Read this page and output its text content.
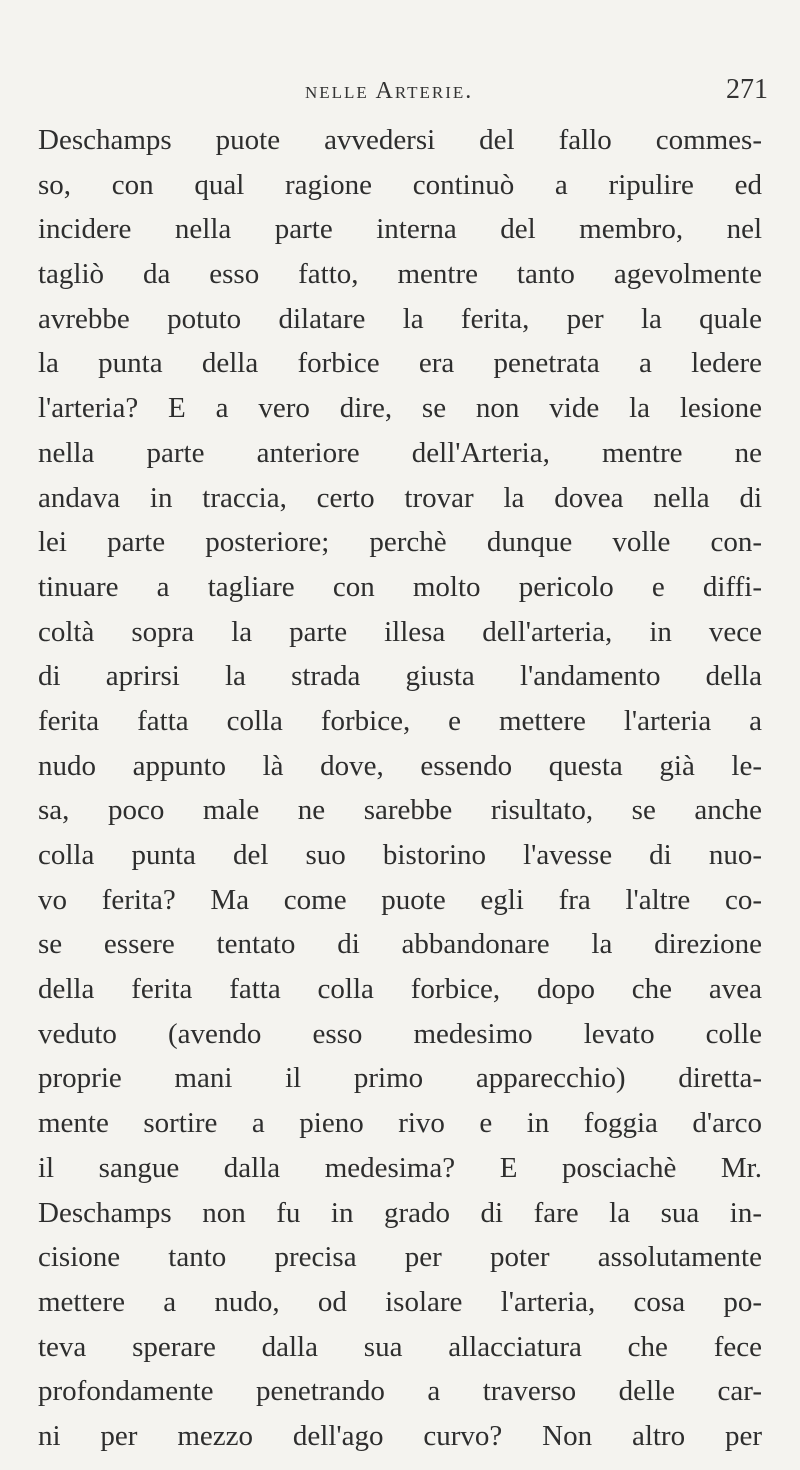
nelle Arterie.	271
Deschamps puote avvedersi del fallo commes-
so, con qual ragione continuò a ripulire ed
incidere nella parte interna del membro, nel
tagliò da esso fatto, mentre tanto agevolmente
avrebbe potuto dilatare la ferita, per la quale
la punta della forbice era penetrata a ledere
l'arteria? E a vero dire, se non vide la lesione
nella parte anteriore dell'Arteria, mentre ne
andava in traccia, certo trovar la dovea nella di
lei parte posteriore; perchè dunque volle con-
tinuare a tagliare con molto pericolo e diffi-
coltà sopra la parte illesa dell'arteria, in vece
di aprirsi la strada giusta l'andamento della
ferita fatta colla forbice, e mettere l'arteria a
nudo appunto là dove, essendo questa già le-
sa, poco male ne sarebbe risultato, se anche
colla punta del suo bistorino l'avesse di nuo-
vo ferita? Ma come puote egli fra l'altre co-
se essere tentato di abbandonare la direzione
della ferita fatta colla forbice, dopo che avea
veduto (avendo esso medesimo levato colle
proprie mani il primo apparecchio) diretta-
mente sortire a pieno rivo e in foggia d'arco
il sangue dalla medesima? E posciachè Mr.
Deschamps non fu in grado di fare la sua in-
cisione tanto precisa per poter assolutamente
mettere a nudo, od isolare l'arteria, cosa po-
teva sperare dalla sua allacciatura che fece
profondamente penetrando a traverso delle car-
ni per mezzo dell'ago curvo? Non altro per
